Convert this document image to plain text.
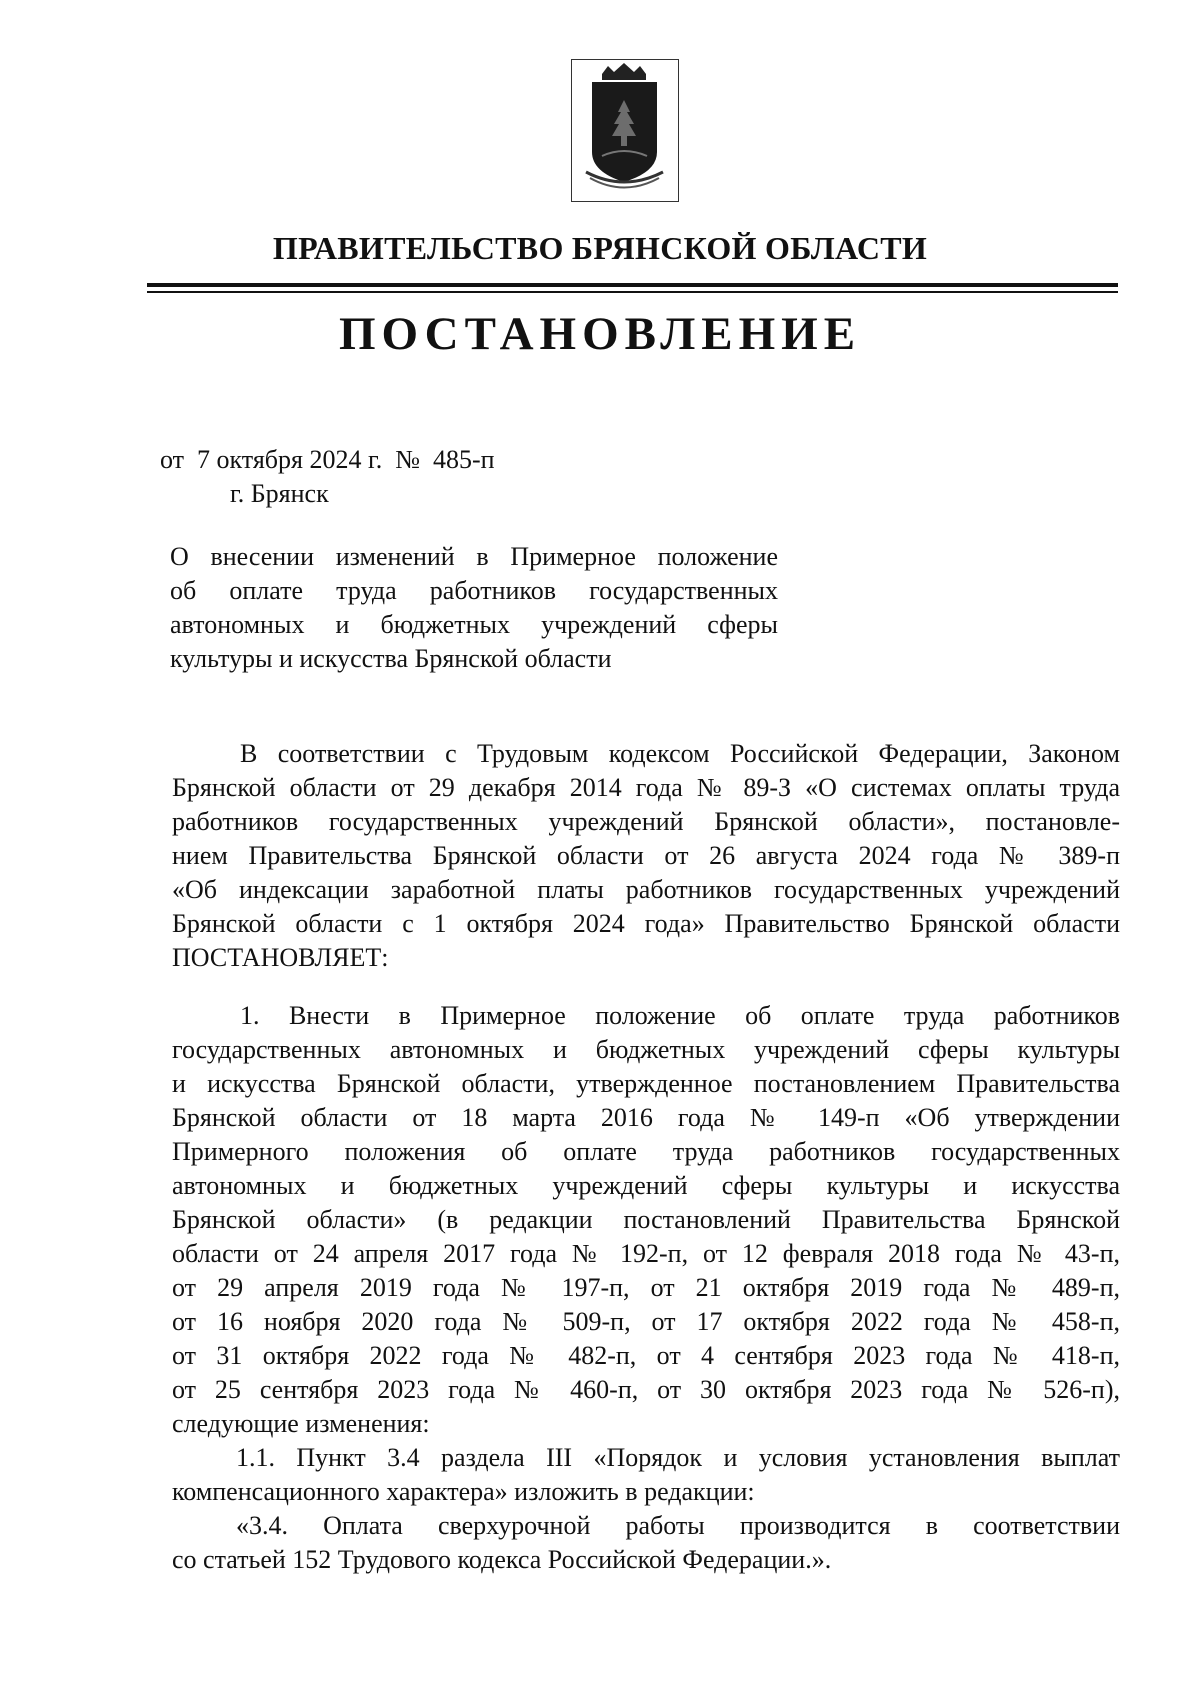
ПРАВИТЕЛЬСТВО БРЯНСКОЙ ОБЛАСТИ
ПОСТАНОВЛЕНИЕ
от  7 октября 2024 г.  №  485-п
г. Брянск
О внесении изменений в Примерное положение
об оплате труда работников государственных
автономных и бюджетных учреждений сферы
культуры и искусства Брянской области
В соответствии с Трудовым кодексом Российской Федерации, Законом
Брянской области от 29 декабря 2014 года № 89-З «О системах оплаты труда
работников государственных учреждений Брянской области», постановле-
нием Правительства Брянской области от 26 августа 2024 года № 389-п
«Об индексации заработной платы работников государственных учреждений
Брянской области с 1 октября 2024 года» Правительство Брянской области
ПОСТАНОВЛЯЕТ:
1. Внести в Примерное положение об оплате труда работников
государственных автономных и бюджетных учреждений сферы культуры
и искусства Брянской области, утвержденное постановлением Правительства
Брянской области от 18 марта 2016 года № 149-п «Об утверждении
Примерного положения об оплате труда работников государственных
автономных и бюджетных учреждений сферы культуры и искусства
Брянской области» (в редакции постановлений Правительства Брянской
области от 24 апреля 2017 года № 192-п, от 12 февраля 2018 года № 43-п,
от 29 апреля 2019 года № 197-п, от 21 октября 2019 года № 489-п,
от 16 ноября 2020 года № 509-п, от 17 октября 2022 года № 458-п,
от 31 октября 2022 года № 482-п, от 4 сентября 2023 года № 418-п,
от 25 сентября 2023 года № 460-п, от 30 октября 2023 года № 526-п),
следующие изменения:
1.1. Пункт 3.4 раздела III «Порядок и условия установления выплат
компенсационного характера» изложить в редакции:
«3.4. Оплата сверхурочной работы производится в соответствии
со статьей 152 Трудового кодекса Российской Федерации.».
